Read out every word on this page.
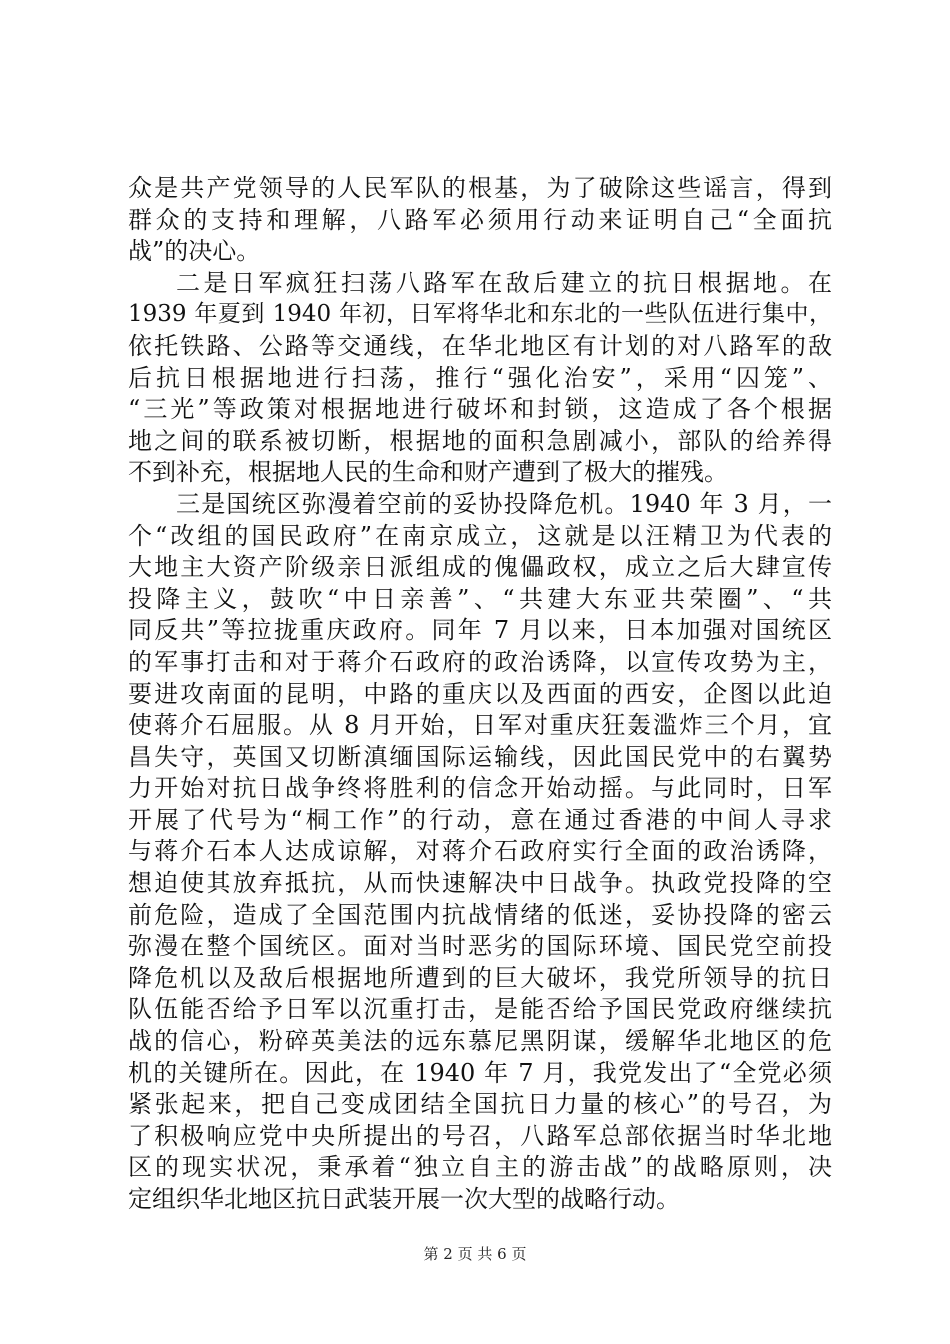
众是共产党领导的人民军队的根基，为了破除这些谣言，得到
群众的支持和理解，八路军必须用行动来证明自己“全面抗
战”的决心。
二是日军疯狂扫荡八路军在敌后建立的抗日根据地。在
1939 年夏到 1940 年初，日军将华北和东北的一些队伍进行集中，
依托铁路、公路等交通线，在华北地区有计划的对八路军的敌
后抗日根据地进行扫荡，推行“强化治安”，采用“囚笼”、
“三光”等政策对根据地进行破坏和封锁，这造成了各个根据
地之间的联系被切断，根据地的面积急剧减小，部队的给养得
不到补充，根据地人民的生命和财产遭到了极大的摧残。
三是国统区弥漫着空前的妥协投降危机。1940 年 3 月，一
个“改组的国民政府”在南京成立，这就是以汪精卫为代表的
大地主大资产阶级亲日派组成的傀儡政权，成立之后大肆宣传
投降主义，鼓吹“中日亲善”、“共建大东亚共荣圈”、“共
同反共”等拉拢重庆政府。同年 7 月以来，日本加强对国统区
的军事打击和对于蒋介石政府的政治诱降，以宣传攻势为主，
要进攻南面的昆明，中路的重庆以及西面的西安，企图以此迫
使蒋介石屈服。从 8 月开始，日军对重庆狂轰滥炸三个月，宜
昌失守，英国又切断滇缅国际运输线，因此国民党中的右翼势
力开始对抗日战争终将胜利的信念开始动摇。与此同时，日军
开展了代号为“桐工作”的行动，意在通过香港的中间人寻求
与蒋介石本人达成谅解，对蒋介石政府实行全面的政治诱降，
想迫使其放弃抵抗，从而快速解决中日战争。执政党投降的空
前危险，造成了全国范围内抗战情绪的低迷，妥协投降的密云
弥漫在整个国统区。面对当时恶劣的国际环境、国民党空前投
降危机以及敌后根据地所遭到的巨大破坏，我党所领导的抗日
队伍能否给予日军以沉重打击，是能否给予国民党政府继续抗
战的信心，粉碎英美法的远东慕尼黑阴谋，缓解华北地区的危
机的关键所在。因此，在 1940 年 7 月，我党发出了“全党必须
紧张起来，把自己变成团结全国抗日力量的核心”的号召，为
了积极响应党中央所提出的号召，八路军总部依据当时华北地
区的现实状况，秉承着“独立自主的游击战”的战略原则，决
定组织华北地区抗日武装开展一次大型的战略行动。
第 2 页 共 6 页
